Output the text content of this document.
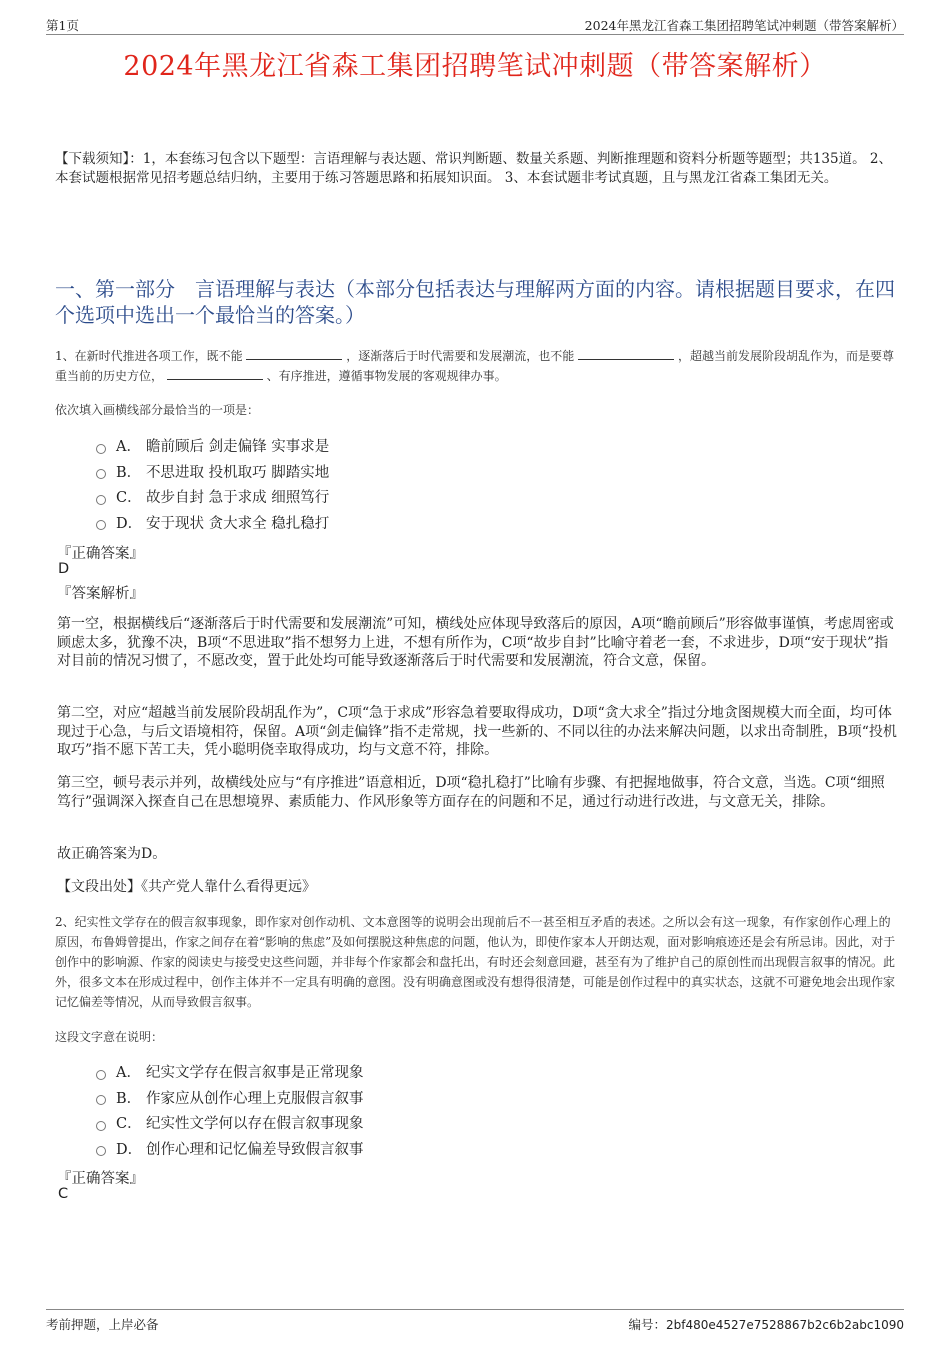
第1页	2024年黑龙江省森工集团招聘笔试冲刺题（带答案解析）
2024年黑龙江省森工集团招聘笔试冲刺题（带答案解析）
【下载须知】：1，本套练习包含以下题型：言语理解与表达题、常识判断题、数量关系题、判断推理题和资料分析题等题型；共135道。 2、本套试题根据常见招考题总结归纳，主要用于练习答题思路和拓展知识面。 3、本套试题非考试真题，且与黑龙江省森工集团无关。
一、第一部分　言语理解与表达（本部分包括表达与理解两方面的内容。请根据题目要求，在四个选项中选出一个最恰当的答案。）
1、在新时代推进各项工作，既不能	，逐渐落后于时代需要和发展潮流，也不能	，超越当前发展阶段胡乱作为，而是要尊重当前的历史方位，	、有序推进，遵循事物发展的客观规律办事。
依次填入画横线部分最恰当的一项是：
A． 瞻前顾后 剑走偏锋 实事求是
B． 不思进取 投机取巧 脚踏实地
C． 故步自封 急于求成 细照笃行
D． 安于现状 贪大求全 稳扎稳打
『正确答案』
D
『答案解析』
第一空，根据横线后“逐渐落后于时代需要和发展潮流”可知，横线处应体现导致落后的原因，A项“瞻前顾后”形容做事谨慎，考虑周密或顾虑太多，犹豫不决，B项“不思进取”指不想努力上进，不想有所作为，C项“故步自封”比喻守着老一套，不求进步，D项“安于现状”指对目前的情况习惯了，不愿改变，置于此处均可能导致逐渐落后于时代需要和发展潮流，符合文意，保留。
第二空，对应“超越当前发展阶段胡乱作为”，C项“急于求成”形容急着要取得成功，D项“贪大求全”指过分地贪图规模大而全面，均可体现过于心急，与后文语境相符，保留。A项“剑走偏锋”指不走常规，找一些新的、不同以往的办法来解决问题，以求出奇制胜，B项“投机取巧”指不愿下苦工夫，凭小聪明侥幸取得成功，均与文意不符，排除。
第三空，顿号表示并列，故横线处应与“有序推进”语意相近，D项“稳扎稳打”比喻有步骤、有把握地做事，符合文意，当选。C项“细照笃行”强调深入探查自己在思想境界、素质能力、作风形象等方面存在的问题和不足，通过行动进行改进，与文意无关，排除。
故正确答案为D。
【文段出处】《共产党人靠什么看得更远》
2、纪实性文学存在的假言叙事现象，即作家对创作动机、文本意图等的说明会出现前后不一甚至相互矛盾的表述。之所以会有这一现象，有作家创作心理上的原因，布鲁姆曾提出，作家之间存在着“影响的焦虑”及如何摆脱这种焦虑的问题，他认为，即使作家本人开朗达观，面对影响痕迹还是会有所忌讳。因此，对于创作中的影响源、作家的阅读史与接受史这些问题，并非每个作家都会和盘托出，有时还会刻意回避，甚至有为了维护自己的原创性而出现假言叙事的情况。此外，很多文本在形成过程中，创作主体并不一定具有明确的意图。没有明确意图或没有想得很清楚，可能是创作过程中的真实状态，这就不可避免地会出现作家记忆偏差等情况，从而导致假言叙事。
这段文字意在说明：
A． 纪实文学存在假言叙事是正常现象
B． 作家应从创作心理上克服假言叙事
C． 纪实性文学何以存在假言叙事现象
D． 创作心理和记忆偏差导致假言叙事
『正确答案』
C
考前押题，上岸必备	编号：2bf480e4527e7528867b2c6b2abc1090
